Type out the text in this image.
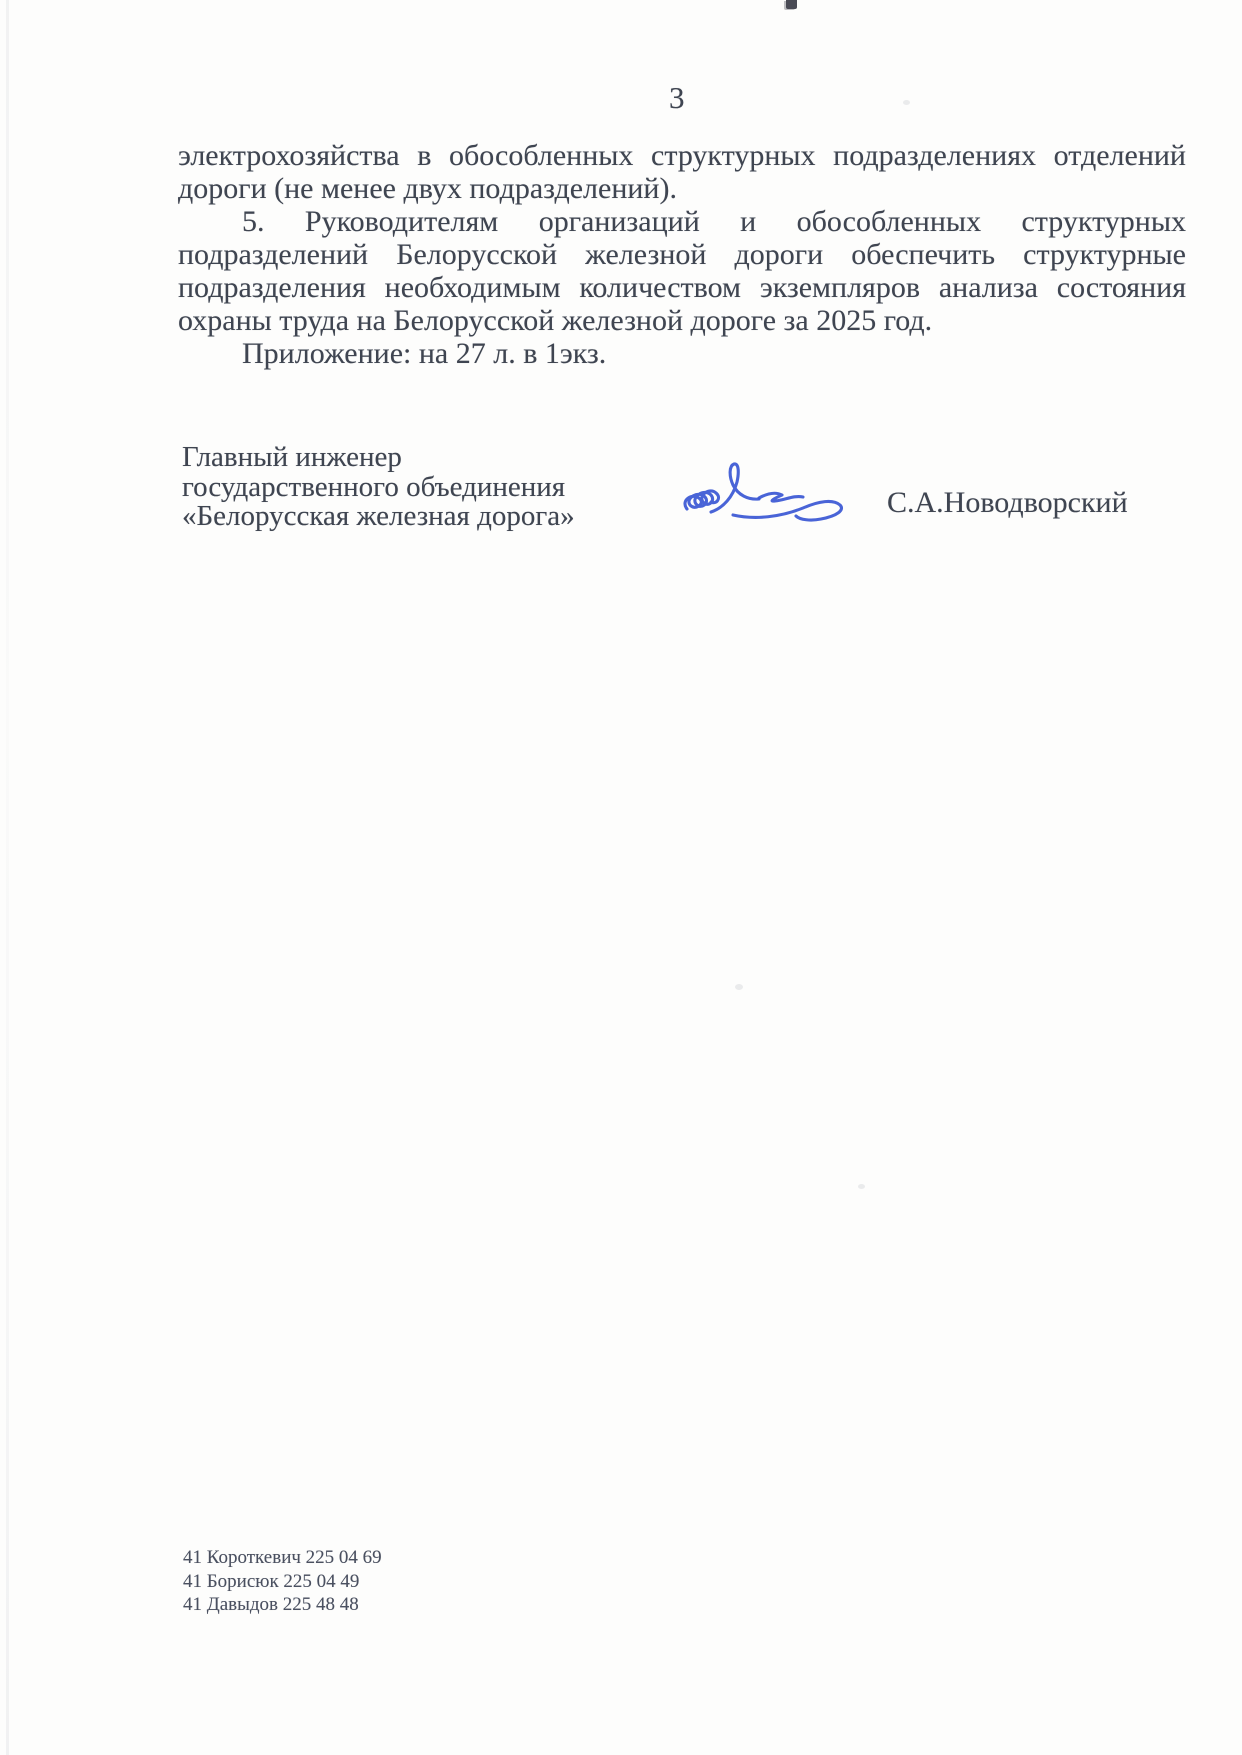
3
электрохозяйства в обособленных структурных подразделениях отделений
дороги (не менее двух подразделений).
5. Руководителям организаций и обособленных структурных
подразделений Белорусской железной дороги обеспечить структурные
подразделения необходимым количеством экземпляров анализа состояния
охраны труда на Белорусской железной дороге за 2025 год.
Приложение: на 27 л. в 1экз.
Главный инженер
государственного объединения
«Белорусская железная дорога»	С.А.Новодворский
41 Короткевич 225 04 69
41 Борисюк 225 04 49
41 Давыдов 225 48 48
